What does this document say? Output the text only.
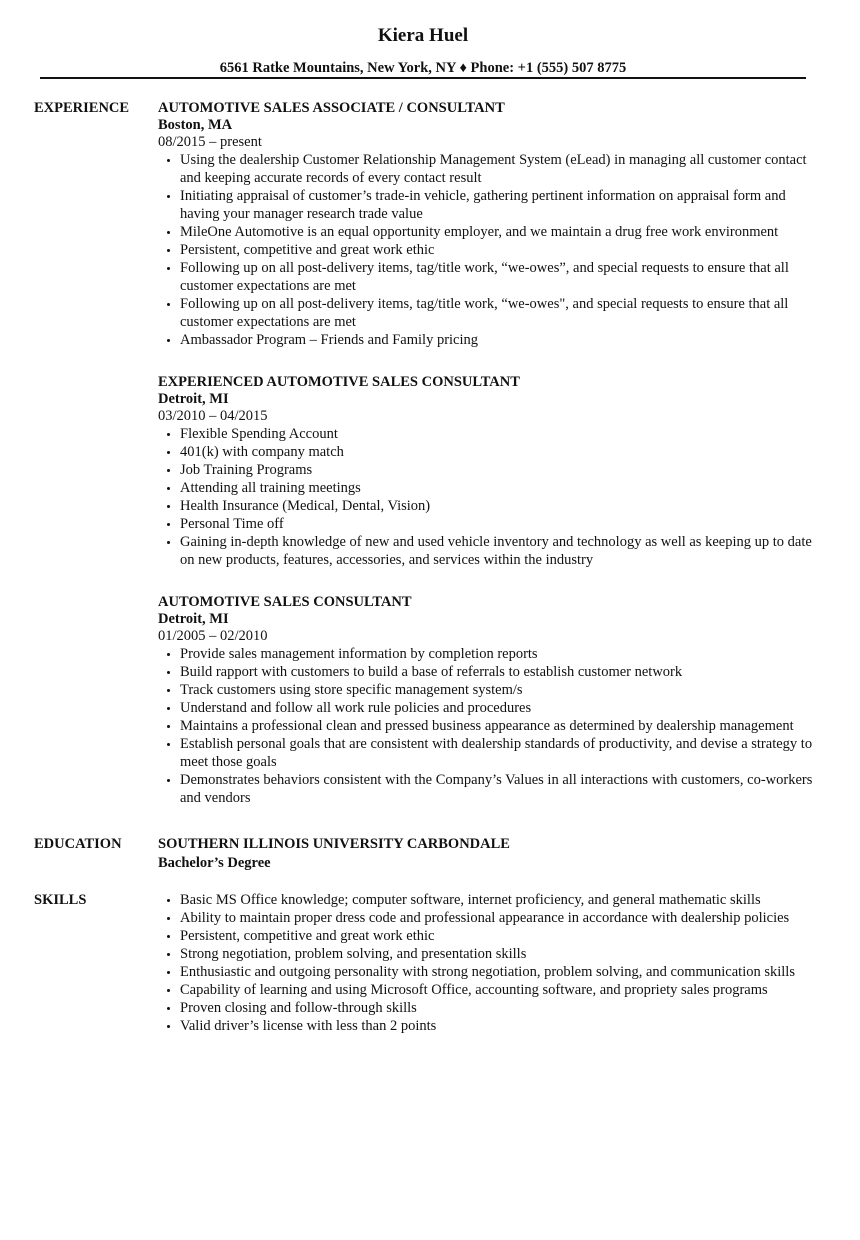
Kiera Huel
6561 Ratke Mountains, New York, NY ♦ Phone: +1 (555) 507 8775
EXPERIENCE AUTOMOTIVE SALES ASSOCIATE / CONSULTANT
Boston, MA
08/2015 – present
• Using the dealership Customer Relationship Management System (eLead) in managing all customer contact and keeping accurate records of every contact result
• Initiating appraisal of customer’s trade-in vehicle, gathering pertinent information on appraisal form and having your manager research trade value
• MileOne Automotive is an equal opportunity employer, and we maintain a drug free work environment
• Persistent, competitive and great work ethic
• Following up on all post-delivery items, tag/title work, “we-owes”, and special requests to ensure that all customer expectations are met
• Following up on all post-delivery items, tag/title work, “we-owes", and special requests to ensure that all customer expectations are met
• Ambassador Program – Friends and Family pricing
EXPERIENCED AUTOMOTIVE SALES CONSULTANT
Detroit, MI
03/2010 – 04/2015
• Flexible Spending Account
• 401(k) with company match
• Job Training Programs
• Attending all training meetings
• Health Insurance (Medical, Dental, Vision)
• Personal Time off
• Gaining in-depth knowledge of new and used vehicle inventory and technology as well as keeping up to date on new products, features, accessories, and services within the industry
AUTOMOTIVE SALES CONSULTANT
Detroit, MI
01/2005 – 02/2010
• Provide sales management information by completion reports
• Build rapport with customers to build a base of referrals to establish customer network
• Track customers using store specific management system/s
• Understand and follow all work rule policies and procedures
• Maintains a professional clean and pressed business appearance as determined by dealership management
• Establish personal goals that are consistent with dealership standards of productivity, and devise a strategy to meet those goals
• Demonstrates behaviors consistent with the Company’s Values in all interactions with customers, co-workers and vendors
EDUCATION	SOUTHERN ILLINOIS UNIVERSITY CARBONDALE
Bachelor’s Degree
SKILLS
•	Basic MS Office knowledge; computer software, internet proficiency, and general mathematic skills
• Ability to maintain proper dress code and professional appearance in accordance with dealership policies
• Persistent, competitive and great work ethic
• Strong negotiation, problem solving, and presentation skills
• Enthusiastic and outgoing personality with strong negotiation, problem solving, and communication skills
• Capability of learning and using Microsoft Office, accounting software, and propriety sales programs
• Proven closing and follow-through skills
• Valid driver’s license with less than 2 points
